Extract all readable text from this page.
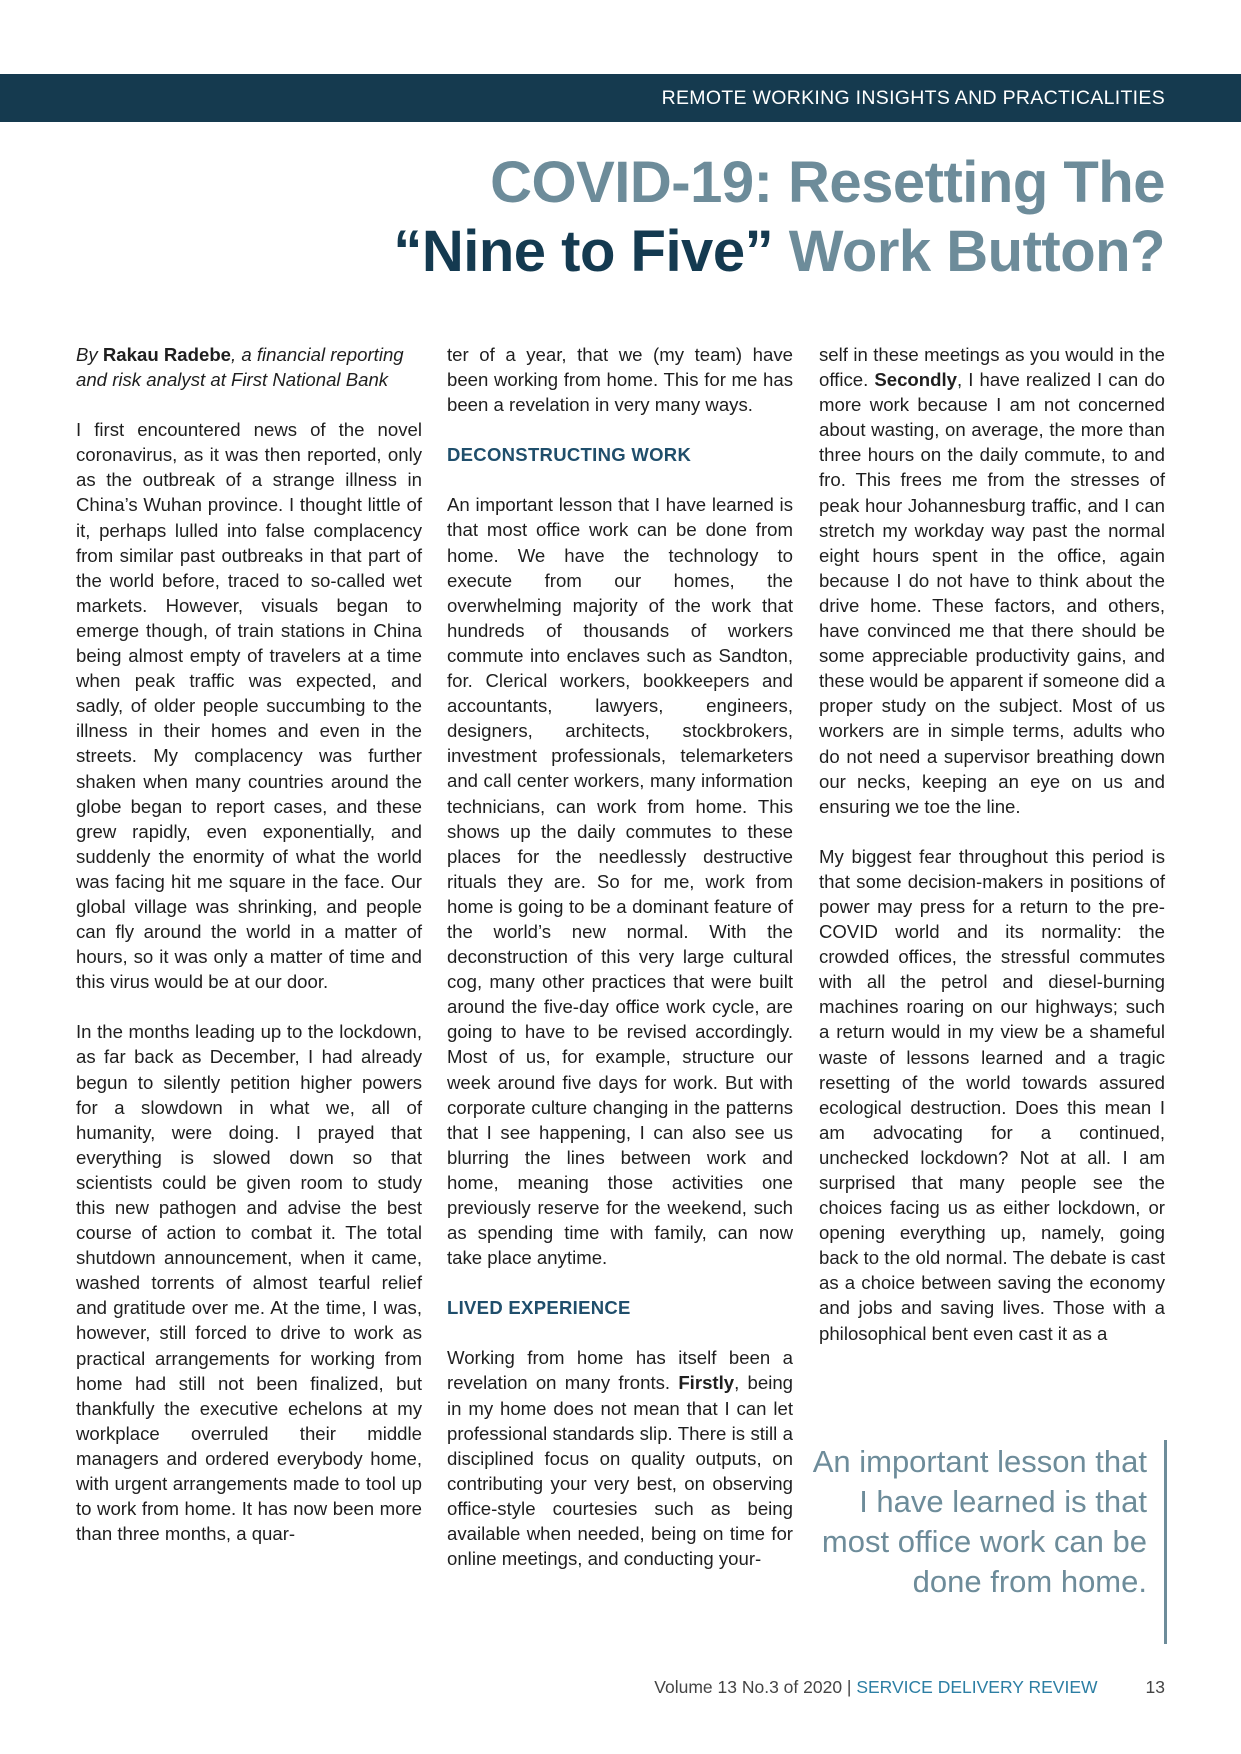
REMOTE WORKING INSIGHTS AND PRACTICALITIES
COVID-19: Resetting The
“Nine to Five” Work Button?

By Rakau Radebe, a financial reporting and risk analyst at First National Bank

I first encountered news of the novel coronavirus, as it was then reported, only as the outbreak of a strange illness in China’s Wuhan province. I thought little of it, perhaps lulled into false complacency from similar past outbreaks in that part of the world before, traced to so-called wet markets. However, visuals began to emerge though, of train stations in China being almost empty of travelers at a time when peak traffic was expected, and sadly, of older people succumbing to the illness in their homes and even in the streets. My complacency was further shaken when many countries around the globe began to report cases, and these grew rapidly, even exponentially, and suddenly the enormity of what the world was facing hit me square in the face. Our global village was shrinking, and people can fly around the world in a matter of hours, so it was only a matter of time and this virus would be at our door.

In the months leading up to the lockdown, as far back as December, I had already begun to silently petition higher powers for a slowdown in what we, all of humanity, were doing. I prayed that everything is slowed down so that scientists could be given room to study this new pathogen and advise the best course of action to combat it. The total shutdown announcement, when it came, washed torrents of almost tearful relief and gratitude over me. At the time, I was, however, still forced to drive to work as practical arrangements for working from home had still not been finalized, but thankfully the executive echelons at my workplace overruled their middle managers and ordered everybody home, with urgent arrangements made to tool up to work from home. It has now been more than three months, a quar-

ter of a year, that we (my team) have been working from home. This for me has been a revelation in very many ways.

DECONSTRUCTING WORK

An important lesson that I have learned is that most office work can be done from home. We have the technology to execute from our homes, the overwhelming majority of the work that hundreds of thousands of workers commute into enclaves such as Sandton, for. Clerical workers, bookkeepers and accountants, lawyers, engineers, designers, architects, stockbrokers, investment professionals, telemarketers and call center workers, many information technicians, can work from home. This shows up the daily commutes to these places for the needlessly destructive rituals they are. So for me, work from home is going to be a dominant feature of the world’s new normal. With the deconstruction of this very large cultural cog, many other practices that were built around the five-day office work cycle, are going to have to be revised accordingly. Most of us, for example, structure our week around five days for work. But with corporate culture changing in the patterns that I see happening, I can also see us blurring the lines between work and home, meaning those activities one previously reserve for the weekend, such as spending time with family, can now take place anytime.

LIVED EXPERIENCE

Working from home has itself been a revelation on many fronts. Firstly, being in my home does not mean that I can let professional standards slip. There is still a disciplined focus on quality outputs, on contributing your very best, on observing office-style courtesies such as being available when needed, being on time for online meetings, and conducting your-

self in these meetings as you would in the office. Secondly, I have realized I can do more work because I am not concerned about wasting, on average, the more than three hours on the daily commute, to and fro. This frees me from the stresses of peak hour Johannesburg traffic, and I can stretch my workday way past the normal eight hours spent in the office, again because I do not have to think about the drive home. These factors, and others, have convinced me that there should be some appreciable productivity gains, and these would be apparent if someone did a proper study on the subject. Most of us workers are in simple terms, adults who do not need a supervisor breathing down our necks, keeping an eye on us and ensuring we toe the line.

My biggest fear throughout this period is that some decision-makers in positions of power may press for a return to the pre-COVID world and its normality: the crowded offices, the stressful commutes with all the petrol and diesel-burning machines roaring on our highways; such a return would in my view be a shameful waste of lessons learned and a tragic resetting of the world towards assured ecological destruction. Does this mean I am advocating for a continued, unchecked lockdown? Not at all. I am surprised that many people see the choices facing us as either lockdown, or opening everything up, namely, going back to the old normal. The debate is cast as a choice between saving the economy and jobs and saving lives. Those with a philosophical bent even cast it as a

An important lesson that I have learned is that most office work can be done from home.
Volume 13 No.3 of 2020 | SERVICE DELIVERY REVIEW	13
